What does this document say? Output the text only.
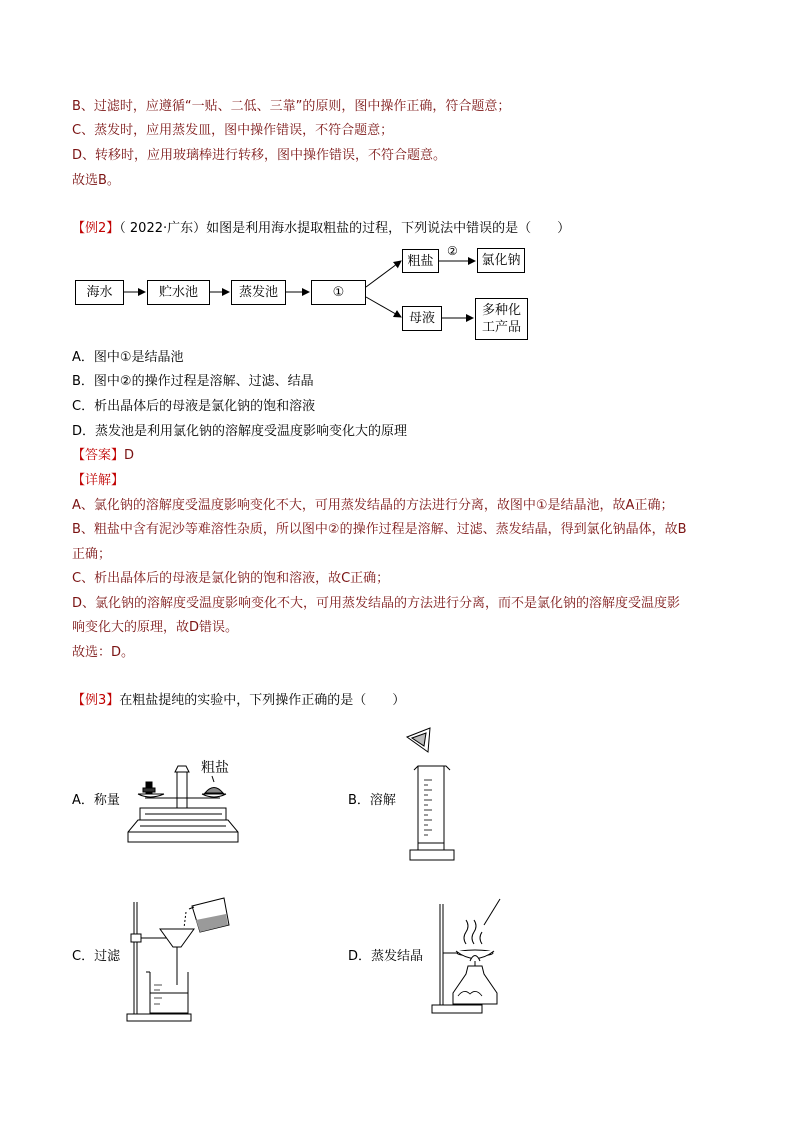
B、过滤时，应遵循“一贴、二低、三靠”的原则，图中操作正确，符合题意；
C、蒸发时，应用蒸发皿，图中操作错误，不符合题意；
D、转移时，应用玻璃棒进行转移，图中操作错误，不符合题意。
故选B。
【例2】（ 2022·广东）如图是利用海水提取粗盐的过程，下列说法中错误的是（　　）
海水	贮水池	蒸发池	①
粗盐
②
氯化钠
母液
多种化
工产品
A．图中①是结晶池
B．图中②的操作过程是溶解、过滤、结晶
C．析出晶体后的母液是氯化钠的饱和溶液
D．蒸发池是利用氯化钠的溶解度受温度影响变化大的原理
【答案】D
【详解】
A、氯化钠的溶解度受温度影响变化不大，可用蒸发结晶的方法进行分离，故图中①是结晶池，故A正确；
B、粗盐中含有泥沙等难溶性杂质，所以图中②的操作过程是溶解、过滤、蒸发结晶，得到氯化钠晶体，故B
正确；
C、析出晶体后的母液是氯化钠的饱和溶液，故C正确；
D、氯化钠的溶解度受温度影响变化不大，可用蒸发结晶的方法进行分离，而不是氯化钠的溶解度受温度影
响变化大的原理，故D错误。
故选：D。
【例3】在粗盐提纯的实验中，下列操作正确的是（　　）
A．称量
粗盐
B．溶解
C．过滤	D．蒸发结晶
